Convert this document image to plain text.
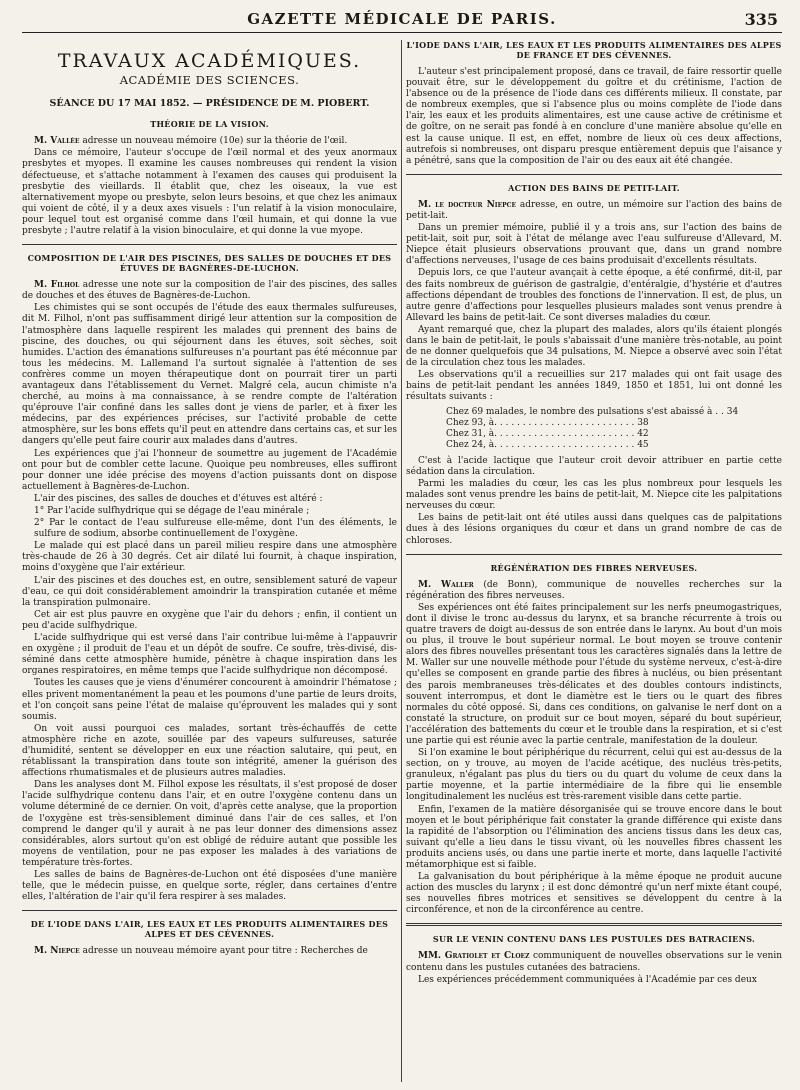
GAZETTE MÉDICALE DE PARIS.	335
TRAVAUX ACADÉMIQUES.
ACADÉMIE DES SCIENCES.
SÉANCE DU 17 MAI 1852. — PRÉSIDENCE DE M. PIOBERT.
THÉORIE DE LA VISION.

M. Vallée adresse un nouveau mémoire (10e) sur la théorie de l'œil.

Dans ce mémoire, l'auteur s'occupe de l'œil normal et des yeux anormaux presbytes et myopes. Il examine les causes nombreuses qui rendent la vision défectueuse, et s'attache notamment à l'examen des causes qui produisent la presbytie des vieillards. Il établit que, chez les oiseaux, la vue est alternativement myope ou presbyte, selon leurs besoins, et que chez les animaux qui voient de côté, il y a deux axes visuels : l'un relatif à la vision monoculaire, pour lequel tout est organisé comme dans l'œil humain, et qui donne la vue presbyte ; l'autre relatif à la vision binoculaire, et qui donne la vue myope.

COMPOSITION DE L'AIR DES PISCINES, DES SALLES DE DOUCHES ET DES ÉTUVES DE BAGNÈRES-DE-LUCHON.

M. Filhol adresse une note sur la composition de l'air des piscines, des salles de douches et des étuves de Bagnères-de-Luchon.

Les chimistes qui se sont occupés de l'étude des eaux thermales sulfureuses, dit M. Filhol, n'ont pas suffisamment dirigé leur attention sur la composition de l'atmosphère dans laquelle respirent les malades qui prennent des bains de piscine, des douches, ou qui séjournent dans les étuves, soit sèches, soit humides. L'action des émanations sulfureuses n'a pourtant pas été méconnue par tous les médecins. M. Lallemand l'a surtout signalée à l'attention de ses confrères comme un moyen thérapeutique dont on pourrait tirer un parti avantageux dans l'établissement du Vernet. Malgré cela, aucun chimiste n'a cherché, au moins à ma connaissance, à se rendre compte de l'altération qu'éprouve l'air confiné dans les salles dont je viens de parler, et à fixer les médecins, par des expériences précises, sur l'activité probable de cette atmosphère, sur les bons effets qu'il peut en attendre dans certains cas, et sur les dangers qu'elle peut faire courir aux malades dans d'autres.

Les expériences que j'ai l'honneur de soumettre au jugement de l'Académie ont pour but de combler cette lacune. Quoique peu nombreuses, elles suffiront pour donner une idée précise des moyens d'action puissants dont on dispose actuellement à Bagnères-de-Luchon.

L'air des piscines, des salles de douches et d'étuves est altéré :

1° Par l'acide sulfhydrique qui se dégage de l'eau minérale ;

2° Par le contact de l'eau sulfureuse elle-même, dont l'un des éléments, le sulfure de sodium, absorbe continuellement de l'oxygène.

Le malade qui est placé dans un pareil milieu respire dans une atmosphère très-chaude de 26 à 30 degrés. Cet air dilaté lui fournit, à chaque inspiration, moins d'oxygène que l'air extérieur.

L'air des piscines et des douches est, en outre, sensiblement saturé de vapeur d'eau, ce qui doit considérablement amoindrir la transpiration cutanée et même la transpiration pulmonaire.

Cet air est plus pauvre en oxygène que l'air du dehors ; enfin, il contient un peu d'acide sulfhydrique.

L'acide sulfhydrique qui est versé dans l'air contribue lui-même à l'appauvrir en oxygène ; il produit de l'eau et un dépôt de soufre. Ce soufre, très-divisé, dis-séminé dans cette atmosphère humide, pénètre à chaque inspiration dans les organes respiratoires, en même temps que l'acide sulfhydrique non décomposé.

Toutes les causes que je viens d'énumérer concourent à amoindrir l'hématose ; elles privent momentanément la peau et les poumons d'une partie de leurs droits, et l'on conçoit sans peine l'état de malaise qu'éprouvent les malades qui y sont soumis.

On voit aussi pourquoi ces malades, sortant très-échauffés de cette atmosphère riche en azote, souillée par des vapeurs sulfureuses, saturée d'humidité, sentent se développer en eux une réaction salutaire, qui peut, en rétablissant la transpiration dans toute son intégrité, amener la guérison des affections rhumatismales et de plusieurs autres maladies.

Dans les analyses dont M. Filhol expose les résultats, il s'est proposé de doser l'acide sulfhydrique contenu dans l'air, et en outre l'oxygène contenu dans un volume déterminé de ce dernier. On voit, d'après cette analyse, que la proportion de l'oxygène est très-sensiblement diminué dans l'air de ces salles, et l'on comprend le danger qu'il y aurait à ne pas leur donner des dimensions assez considérables, alors surtout qu'on est obligé de réduire autant que possible les moyens de ventilation, pour ne pas exposer les malades à des variations de température très-fortes.

Les salles de bains de Bagnères-de-Luchon ont été disposées d'une manière telle, que le médecin puisse, en quelque sorte, régler, dans certaines d'entre elles, l'altération de l'air qu'il fera respirer à ses malades.

DE L'IODE DANS L'AIR, LES EAUX ET LES PRODUITS ALIMENTAIRES DES ALPES ET DES CÉVENNES.

M. Niepce adresse un nouveau mémoire ayant pour titre : Recherches de

L'IODE DANS L'AIR, LES EAUX ET LES PRODUITS ALIMENTAIRES DES ALPES DE FRANCE ET DES CÉVENNES.

L'auteur s'est principalement proposé, dans ce travail, de faire ressortir quelle pouvait être, sur le développement du goître et du crétinisme, l'action de l'absence ou de la présence de l'iode dans ces différents milieux. Il constate, par de nombreux exemples, que si l'absence plus ou moins complète de l'iode dans l'air, les eaux et les produits alimentaires, est une cause active de crétinisme et de goître, on ne serait pas fondé à en conclure d'une manière absolue qu'elle en est la cause unique. Il est, en effet, nombre de lieux où ces deux affections, autrefois si nombreuses, ont disparu presque entièrement depuis que l'aisance y a pénétré, sans que la composition de l'air ou des eaux ait été changée.

ACTION DES BAINS DE PETIT-LAIT.

M. le docteur Niepce adresse, en outre, un mémoire sur l'action des bains de petit-lait.

Dans un premier mémoire, publié il y a trois ans, sur l'action des bains de petit-lait, soit pur, soit à l'état de mélange avec l'eau sulfureuse d'Allevard, M. Niepce était plusieurs observations prouvant que, dans un grand nombre d'affections nerveuses, l'usage de ces bains produisait d'excellents résultats.

Depuis lors, ce que l'auteur avançait à cette époque, a été confirmé, dit-il, par des faits nombreux de guérison de gastralgie, d'entéralgie, d'hystérie et d'autres affections dépendant de troubles des fonctions de l'innervation. Il est, de plus, un autre genre d'affections pour lesquelles plusieurs malades sont venus prendre à Allevard les bains de petit-lait. Ce sont diverses maladies du cœur.

Ayant remarqué que, chez la plupart des malades, alors qu'ils étaient plongés dans le bain de petit-lait, le pouls s'abaissait d'une manière très-notable, au point de ne donner quelquefois que 34 pulsations, M. Niepce a observé avec soin l'état de la circulation chez tous les malades.

Les observations qu'il a recueillies sur 217 malades qui ont fait usage des bains de petit-lait pendant les années 1849, 1850 et 1851, lui ont donné les résultats suivants :

Chez 69 malades, le nombre des pulsations s'est abaissé à . . 34
Chez 93, à. . . . . . . . . . . . . . . . . . . . . . . . . 38
Chez 31, à. . . . . . . . . . . . . . . . . . . . . . . . . 42
Chez 24, à. . . . . . . . . . . . . . . . . . . . . . . . . 45

C'est à l'acide lactique que l'auteur croit devoir attribuer en partie cette sédation dans la circulation.

Parmi les maladies du cœur, les cas les plus nombreux pour lesquels les malades sont venus prendre les bains de petit-lait, M. Niepce cite les palpitations nerveuses du cœur.

Les bains de petit-lait ont été utiles aussi dans quelques cas de palpitations dues à des lésions organiques du cœur et dans un grand nombre de cas de chloroses.

RÉGÉNÉRATION DES FIBRES NERVEUSES.

M. Waller (de Bonn), communique de nouvelles recherches sur la régénération des fibres nerveuses.

Ses expériences ont été faites principalement sur les nerfs pneumogastriques, dont il divise le tronc au-dessus du larynx, et sa branche récurrente à trois ou quatre travers de doigt au-dessus de son entrée dans le larynx. Au bout d'un mois ou plus, il trouve le bout supérieur normal. Le bout moyen se trouve contenir alors des fibres nouvelles présentant tous les caractères signalés dans la lettre de M. Waller sur une nouvelle méthode pour l'étude du système nerveux, c'est-à-dire qu'elles se composent en grande partie des fibres à nucléus, ou bien présentant des parois membraneuses très-délicates et des doubles contours indistincts, souvent interrompus, et dont le diamètre est le tiers ou le quart des fibres normales du côté opposé. Si, dans ces conditions, on galvanise le nerf dont on a constaté la structure, on produit sur ce bout moyen, séparé du bout supérieur, l'accélération des battements du cœur et le trouble dans la respiration, et si c'est une partie qui est réunie avec la partie centrale, manifestation de la douleur.

Si l'on examine le bout périphérique du récurrent, celui qui est au-dessus de la section, on y trouve, au moyen de l'acide acétique, des nucléus très-petits, granuleux, n'égalant pas plus du tiers ou du quart du volume de ceux dans la partie moyenne, et la partie intermédiaire de la fibre qui lie ensemble longitudinalement les nucléus est très-rarement visible dans cette partie.

Enfin, l'examen de la matière désorganisée qui se trouve encore dans le bout moyen et le bout périphérique fait constater la grande différence qui existe dans la rapidité de l'absorption ou l'élimination des anciens tissus dans les deux cas, suivant qu'elle a lieu dans le tissu vivant, où les nouvelles fibres chassent les produits anciens usés, ou dans une partie inerte et morte, dans laquelle l'activité métamorphique est si faible.

La galvanisation du bout périphérique à la même époque ne produit aucune action des muscles du larynx ; il est donc démontré qu'un nerf mixte étant coupé, ses nouvelles fibres motrices et sensitives se développent du centre à la circonférence, et non de la circonférence au centre.

SUR LE VENIN CONTENU DANS LES PUSTULES DES BATRACIENS.

MM. Gratiolet et Cloez communiquent de nouvelles observations sur le venin contenu dans les pustules cutanées des batraciens.

Les expériences précédemment communiquées à l'Académie par ces deux
